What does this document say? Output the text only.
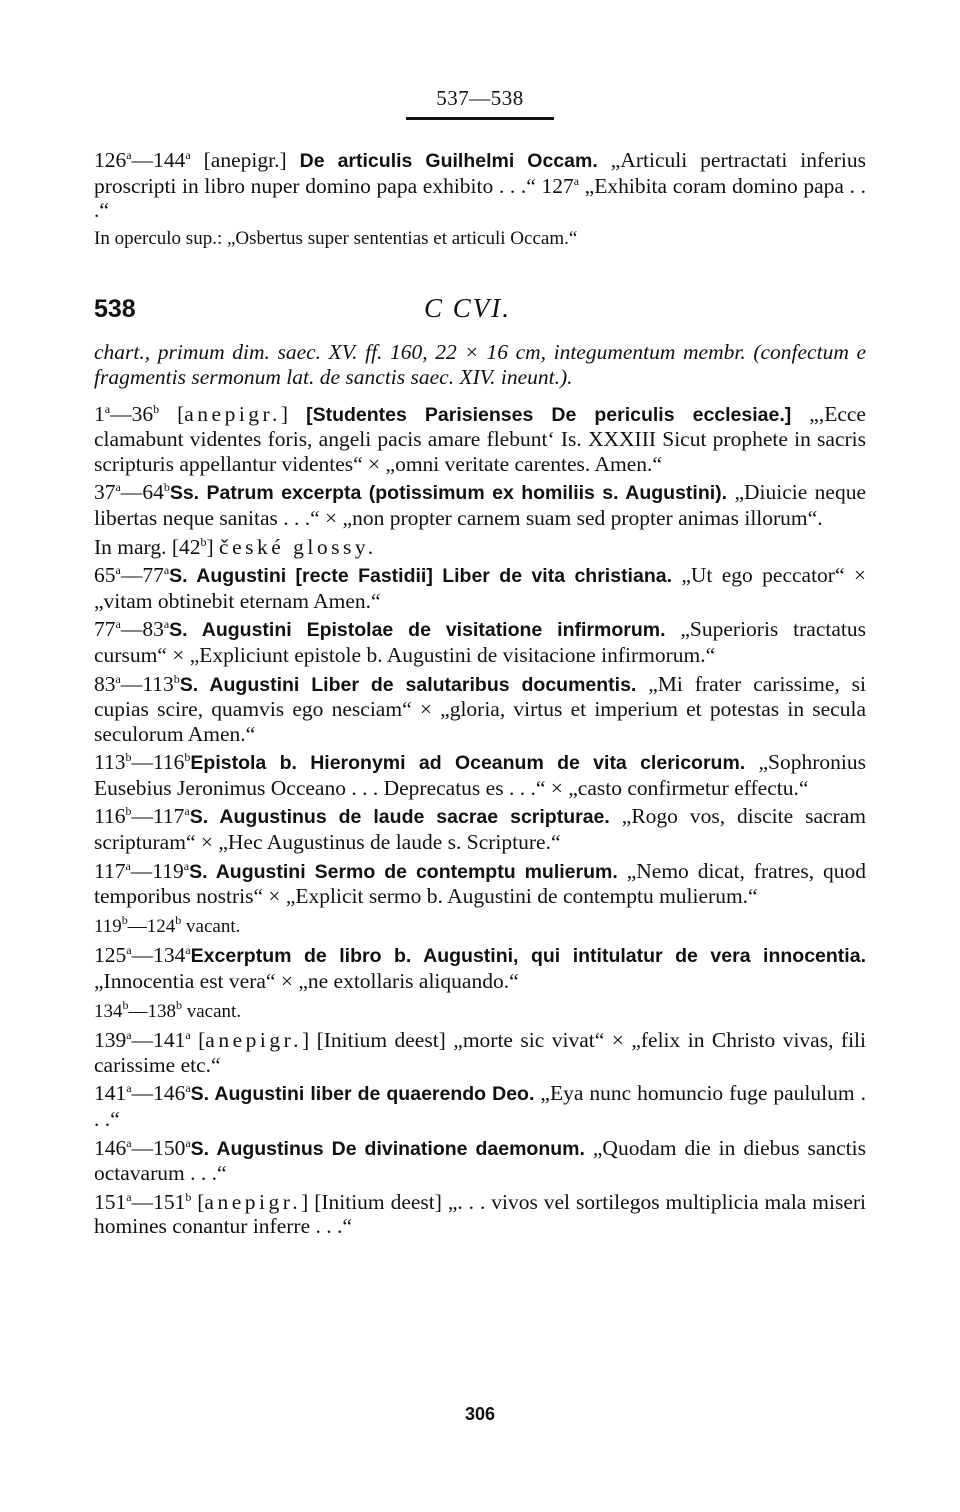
537—538

126$^a$—144$^a$ [anepigr.] De articulis Guilhelmi Occam. „Articuli pertractati inferius proscripti in libro nuper domino papa exhibito . . .“ 127$^a$ „Exhibita coram domino papa . . .“

In operculo sup.: „Osbertus super sententias et articuli Occam.“

538	C CVI.

chart., primum dim. saec. XV. ff. 160, 22 × 16 cm, integumentum membr. (confectum e fragmentis sermonum lat. de sanctis saec. XIV. ineunt.).

1$^a$—36$^b$ [anepigr.] [Studentes Parisienses De periculis ecclesiae.] „,Ecce clamabunt videntes foris, angeli pacis amare flebunt‘ Is. XXXIII Sicut prophete in sacris scripturis appellantur videntes“ × „omni veritate carentes. Amen.“

37$^a$—64$^b$Ss. Patrum excerpta (potissimum ex homiliis s. Augustini). „Diuicie neque libertas neque sanitas . . .“ × „non propter carnem suam sed propter animas illorum“.

In marg. [42$^b$] české glossy.

65$^a$—77$^a$S. Augustini [recte Fastidii] Liber de vita christiana. „Ut ego peccator“ × „vitam obtinebit eternam Amen.“

77$^a$—83$^a$S. Augustini Epistolae de visitatione infirmorum. „Superioris tractatus cursum“ × „Expliciunt epistole b. Augustini de visitacione infirmorum.“

83$^a$—113$^b$S. Augustini Liber de salutaribus documentis. „Mi frater carissime, si cupias scire, quamvis ego nesciam“ × „gloria, virtus et imperium et potestas in secula seculorum Amen.“

113$^b$—116$^b$Epistola b. Hieronymi ad Oceanum de vita clericorum. „Sophronius Eusebius Jeronimus Occeano . . . Deprecatus es . . .“ × „casto confirmetur effectu.“

116$^b$—117$^a$S. Augustinus de laude sacrae scripturae. „Rogo vos, discite sacram scripturam“ × „Hec Augustinus de laude s. Scripture.“

117$^a$—119$^a$S. Augustini Sermo de contemptu mulierum. „Nemo dicat, fratres, quod temporibus nostris“ × „Explicit sermo b. Augustini de contemptu mulierum.“

119$^b$—124$^b$ vacant.

125$^a$—134$^a$Excerptum de libro b. Augustini, qui intitulatur de vera innocentia. „Innocentia est vera“ × „ne extollaris aliquando.“

134$^b$—138$^b$ vacant.

139$^a$—141$^a$ [anepigr.] [Initium deest] „morte sic vivat“ × „felix in Christo vivas, fili carissime etc.“

141$^a$—146$^a$S. Augustini liber de quaerendo Deo. „Eya nunc homuncio fuge paululum . . .“

146$^a$—150$^a$S. Augustinus De divinatione daemonum. „Quodam die in diebus sanctis octavarum . . .“

151$^a$—151$^b$ [anepigr.] [Initium deest] „. . . vivos vel sortilegos multiplicia mala miseri homines conantur inferre . . .“

306
